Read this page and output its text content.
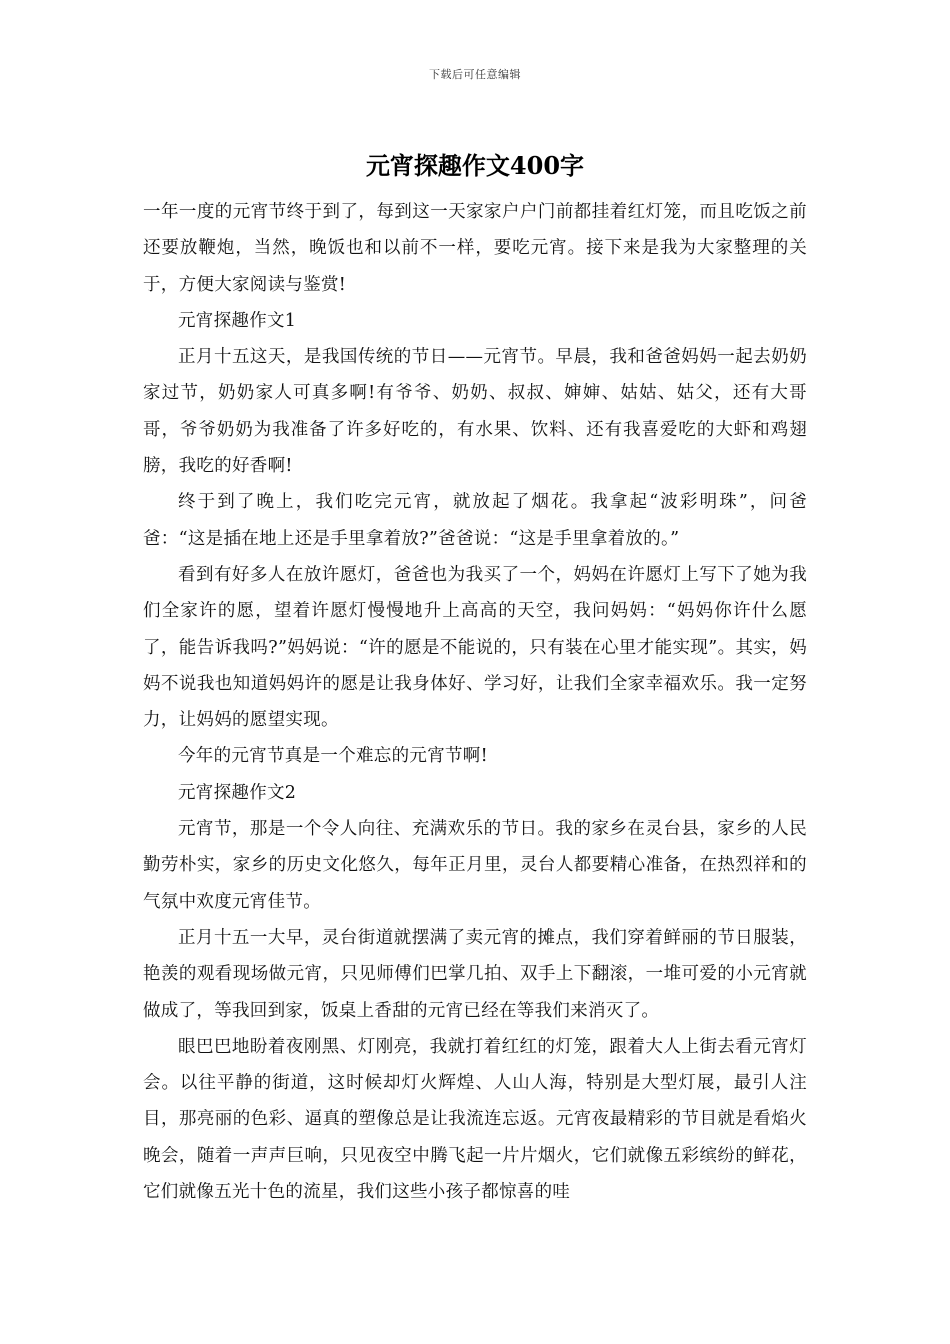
下载后可任意编辑
元宵探趣作文400字

一年一度的元宵节终于到了，每到这一天家家户户门前都挂着红灯笼，而且吃饭之前还要放鞭炮，当然，晚饭也和以前不一样，要吃元宵。接下来是我为大家整理的关于，方便大家阅读与鉴赏!

元宵探趣作文1

正月十五这天，是我国传统的节日——元宵节。早晨，我和爸爸妈妈一起去奶奶家过节，奶奶家人可真多啊!有爷爷、奶奶、叔叔、婶婶、姑姑、姑父，还有大哥哥，爷爷奶奶为我准备了许多好吃的，有水果、饮料、还有我喜爱吃的大虾和鸡翅膀，我吃的好香啊!

终于到了晚上，我们吃完元宵，就放起了烟花。我拿起“波彩明珠”，问爸爸：“这是插在地上还是手里拿着放?”爸爸说：“这是手里拿着放的。”

看到有好多人在放许愿灯，爸爸也为我买了一个，妈妈在许愿灯上写下了她为我们全家许的愿，望着许愿灯慢慢地升上高高的天空，我问妈妈：“妈妈你许什么愿了，能告诉我吗?”妈妈说：“许的愿是不能说的，只有装在心里才能实现”。其实，妈妈不说我也知道妈妈许的愿是让我身体好、学习好，让我们全家幸福欢乐。我一定努力，让妈妈的愿望实现。

今年的元宵节真是一个难忘的元宵节啊!

元宵探趣作文2

元宵节，那是一个令人向往、充满欢乐的节日。我的家乡在灵台县，家乡的人民勤劳朴实，家乡的历史文化悠久，每年正月里，灵台人都要精心准备，在热烈祥和的气氛中欢度元宵佳节。

正月十五一大早，灵台街道就摆满了卖元宵的摊点，我们穿着鲜丽的节日服装，艳羡的观看现场做元宵，只见师傅们巴掌几拍、双手上下翻滚，一堆可爱的小元宵就做成了，等我回到家，饭桌上香甜的元宵已经在等我们来消灭了。

眼巴巴地盼着夜刚黑、灯刚亮，我就打着红红的灯笼，跟着大人上街去看元宵灯会。以往平静的街道，这时候却灯火辉煌、人山人海，特别是大型灯展，最引人注目，那亮丽的色彩、逼真的塑像总是让我流连忘返。元宵夜最精彩的节目就是看焰火晚会，随着一声声巨响，只见夜空中腾飞起一片片烟火，它们就像五彩缤纷的鲜花，它们就像五光十色的流星，我们这些小孩子都惊喜的哇
